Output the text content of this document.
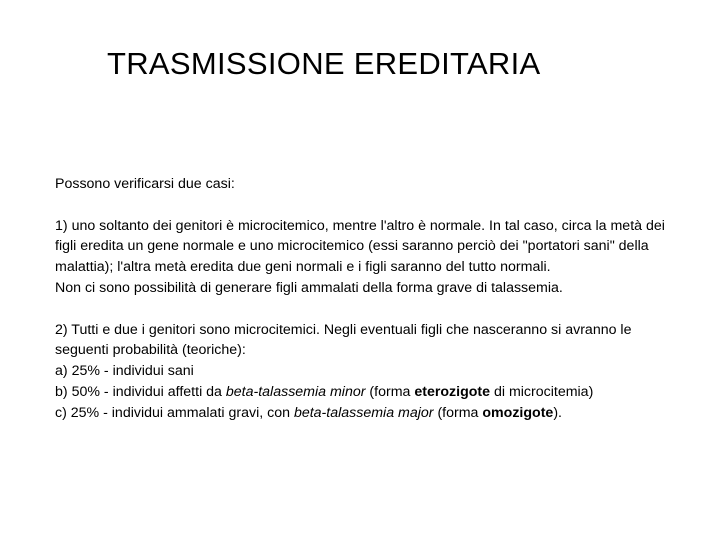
TRASMISSIONE EREDITARIA

Possono verificarsi due casi:

1) uno soltanto dei genitori è microcitemico, mentre l'altro è normale. In tal caso, circa la metà dei figli eredita un gene normale e uno microcitemico (essi saranno perciò dei "portatori sani" della malattia); l'altra metà eredita due geni normali e i figli saranno del tutto normali.

Non ci sono possibilità di generare figli ammalati della forma grave di talassemia.

2) Tutti e due i genitori sono microcitemici. Negli eventuali figli che nasceranno si avranno le seguenti probabilità (teoriche):

a) 25% - individui sani

b) 50% - individui affetti da beta-talassemia minor (forma eterozigote di microcitemia)

c) 25% - individui ammalati gravi, con beta-talassemia major (forma omozigote).
